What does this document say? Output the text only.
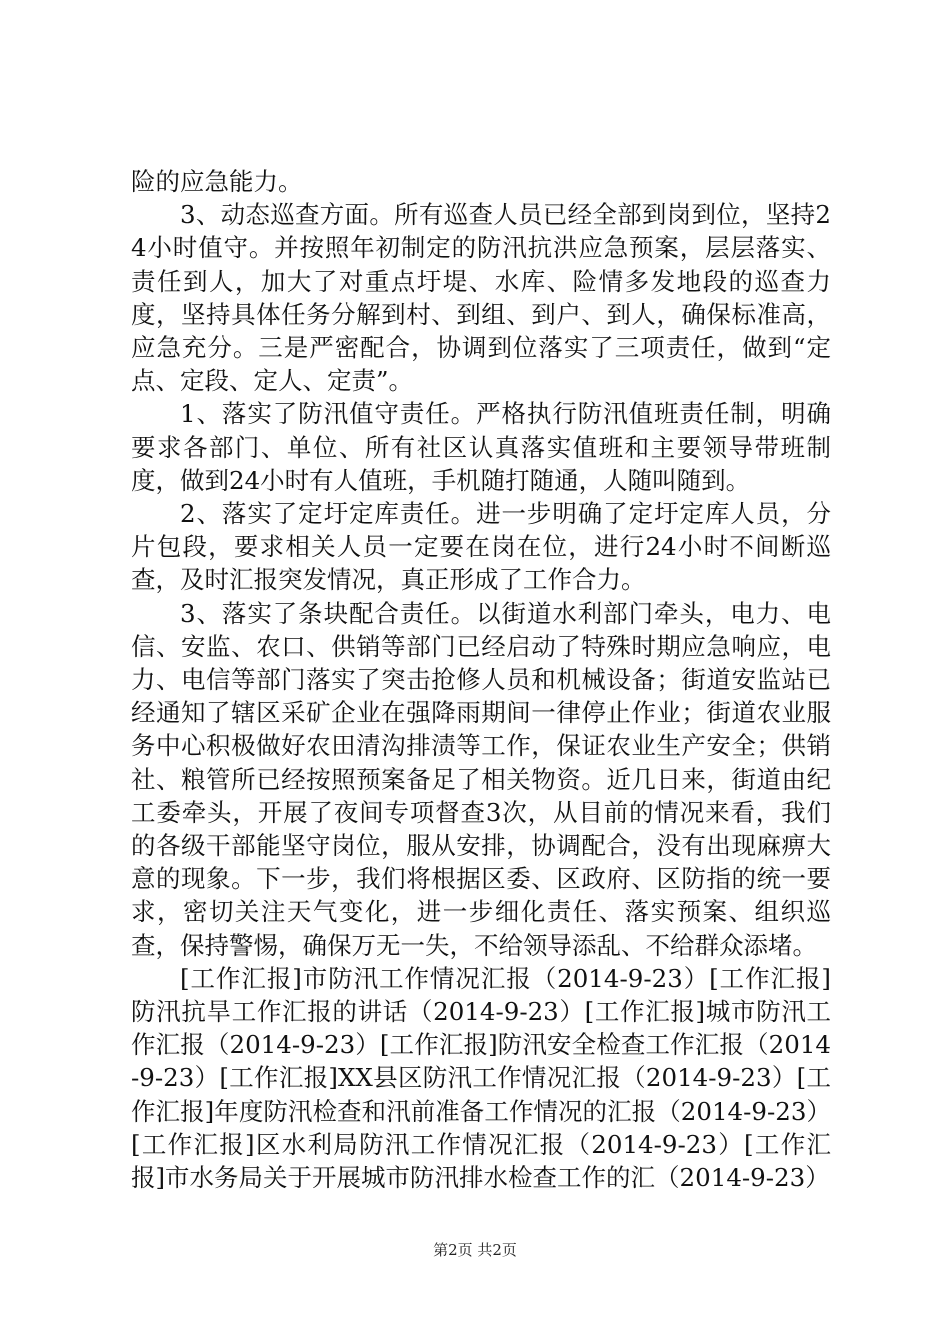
险的应急能力。

3、动态巡查方面。所有巡查人员已经全部到岗到位，坚持24小时值守。并按照年初制定的防汛抗洪应急预案，层层落实、责任到人，加大了对重点圩堤、水库、险情多发地段的巡查力度，坚持具体任务分解到村、到组、到户、到人，确保标准高，应急充分。三是严密配合，协调到位落实了三项责任，做到“定点、定段、定人、定责”。

1、落实了防汛值守责任。严格执行防汛值班责任制，明确要求各部门、单位、所有社区认真落实值班和主要领导带班制度，做到24小时有人值班，手机随打随通，人随叫随到。

2、落实了定圩定库责任。进一步明确了定圩定库人员，分片包段，要求相关人员一定要在岗在位，进行24小时不间断巡查，及时汇报突发情况，真正形成了工作合力。

3、落实了条块配合责任。以街道水利部门牵头，电力、电信、安监、农口、供销等部门已经启动了特殊时期应急响应，电力、电信等部门落实了突击抢修人员和机械设备；街道安监站已经通知了辖区采矿企业在强降雨期间一律停止作业；街道农业服务中心积极做好农田清沟排渍等工作，保证农业生产安全；供销社、粮管所已经按照预案备足了相关物资。近几日来，街道由纪工委牵头，开展了夜间专项督查3次，从目前的情况来看，我们的各级干部能坚守岗位，服从安排，协调配合，没有出现麻痹大意的现象。下一步，我们将根据区委、区政府、区防指的统一要求，密切关注天气变化，进一步细化责任、落实预案、组织巡查，保持警惕，确保万无一失，不给领导添乱、不给群众添堵。

[工作汇报]市防汛工作情况汇报（2014-9-23）[工作汇报]防汛抗旱工作汇报的讲话（2014-9-23）[工作汇报]城市防汛工作汇报（2014-9-23）[工作汇报]防汛安全检查工作汇报（2014-9-23）[工作汇报]XX县区防汛工作情况汇报（2014-9-23）[工作汇报]年度防汛检查和汛前准备工作情况的汇报（2014-9-23）[工作汇报]区水利局防汛工作情况汇报（2014-9-23）[工作汇报]市水务局关于开展城市防汛排水检查工作的汇（2014-9-23）

第2页 共2页
